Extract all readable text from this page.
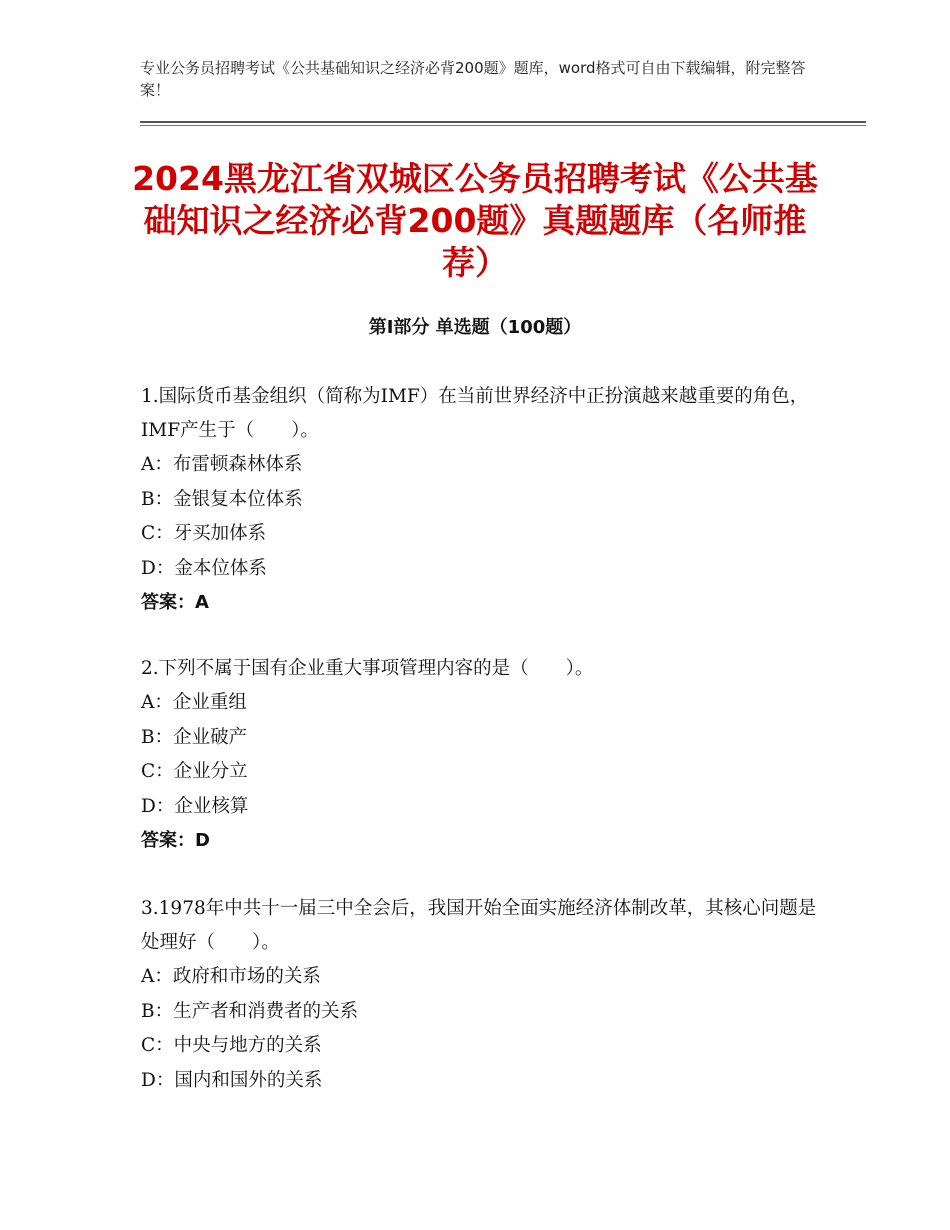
专业公务员招聘考试《公共基础知识之经济必背200题》题库，word格式可自由下载编辑，附完整答案！
2024黑龙江省双城区公务员招聘考试《公共基础知识之经济必背200题》真题题库（名师推荐）
第Ⅰ部分 单选题（100题）

1.国际货币基金组织（简称为IMF）在当前世界经济中正扮演越来越重要的角色，IMF产生于（　　）。

A：布雷顿森林体系

B：金银复本位体系

C：牙买加体系

D：金本位体系

答案：A

2.下列不属于国有企业重大事项管理内容的是（　　）。

A：企业重组

B：企业破产

C：企业分立

D：企业核算

答案：D

3.1978年中共十一届三中全会后，我国开始全面实施经济体制改革，其核心问题是处理好（　　）。

A：政府和市场的关系

B：生产者和消费者的关系

C：中央与地方的关系

D：国内和国外的关系
